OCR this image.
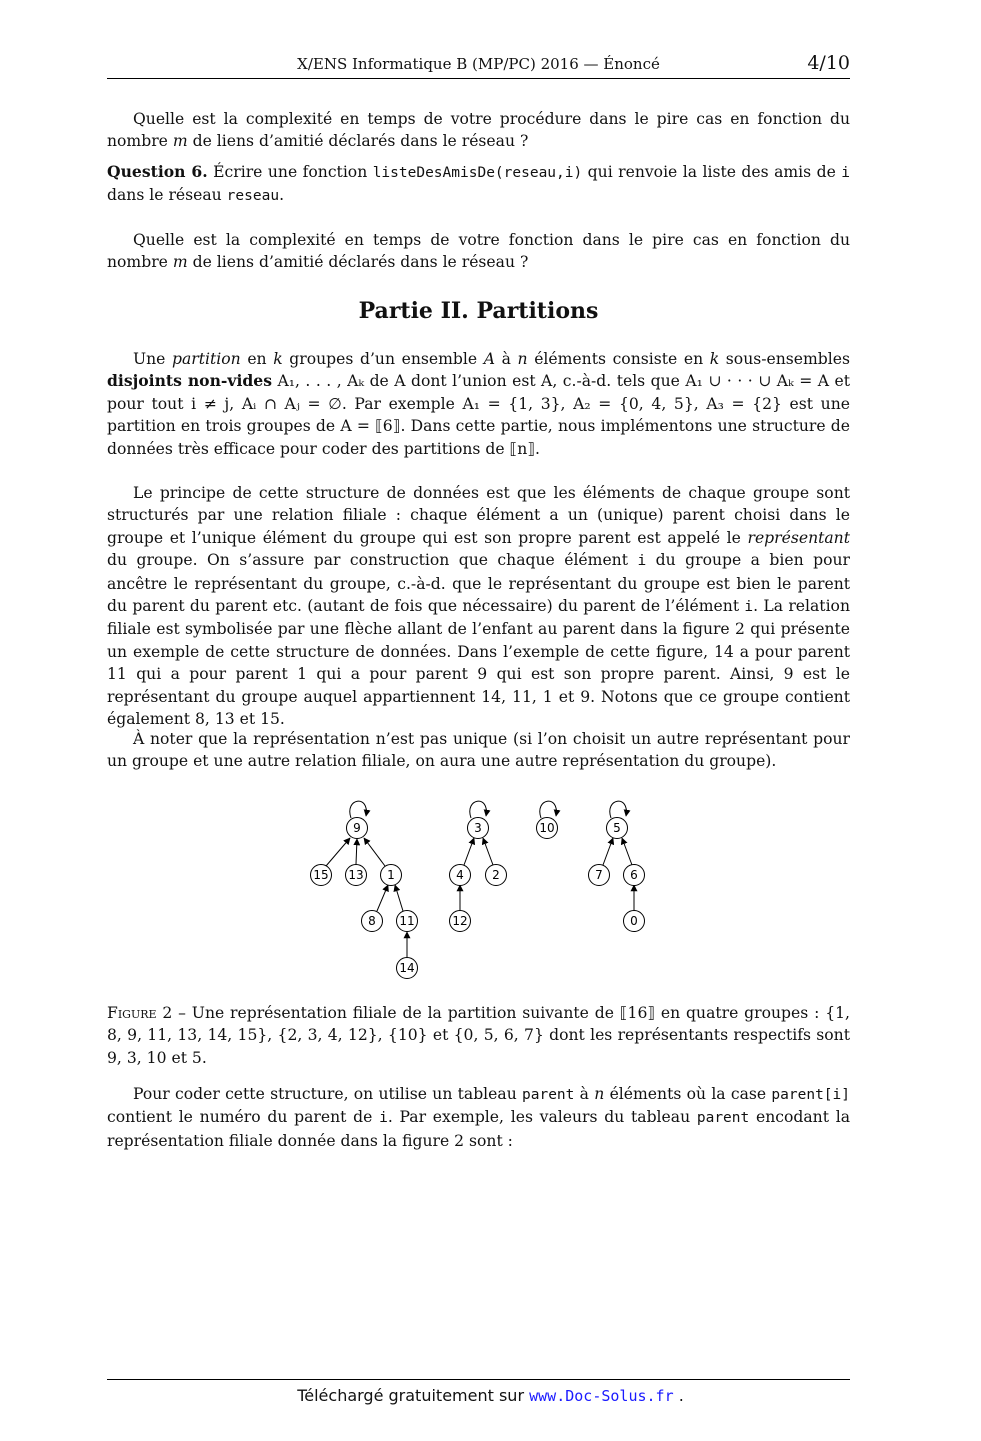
X/ENS Informatique B (MP/PC) 2016 — Énoncé	4/10
Quelle est la complexité en temps de votre procédure dans le pire cas en fonction du nombre m de liens d’amitié déclarés dans le réseau ?
Question 6. Écrire une fonction listeDesAmisDe(reseau,i) qui renvoie la liste des amis de i dans le réseau reseau.
Quelle est la complexité en temps de votre fonction dans le pire cas en fonction du nombre m de liens d’amitié déclarés dans le réseau ?
Partie II. Partitions
Une partition en k groupes d’un ensemble A à n éléments consiste en k sous-ensembles disjoints non-vides A₁, . . . , Aₖ de A dont l’union est A, c.-à-d. tels que A₁ ∪ · · · ∪ Aₖ = A et pour tout i ≠ j, Aᵢ ∩ Aⱼ = ∅. Par exemple A₁ = {1, 3}, A₂ = {0, 4, 5}, A₃ = {2} est une partition en trois groupes de A = ⟦6⟧. Dans cette partie, nous implémentons une structure de données très efficace pour coder des partitions de ⟦n⟧.
Le principe de cette structure de données est que les éléments de chaque groupe sont structurés par une relation filiale : chaque élément a un (unique) parent choisi dans le groupe et l’unique élément du groupe qui est son propre parent est appelé le représentant du groupe. On s’assure par construction que chaque élément i du groupe a bien pour ancêtre le représentant du groupe, c.-à-d. que le représentant du groupe est bien le parent du parent du parent etc. (autant de fois que nécessaire) du parent de l’élément i. La relation filiale est symbolisée par une flèche allant de l’enfant au parent dans la figure 2 qui présente un exemple de cette structure de données. Dans l’exemple de cette figure, 14 a pour parent 11 qui a pour parent 1 qui a pour parent 9 qui est son propre parent. Ainsi, 9 est le représentant du groupe auquel appartiennent 14, 11, 1 et 9. Notons que ce groupe contient également 8, 13 et 15.
À noter que la représentation n’est pas unique (si l’on choisit un autre représentant pour un groupe et une autre relation filiale, on aura une autre représentation du groupe).
9
15 13 1
8 11
14
3
4 2
12
10	5
7 6
0
Figure 2 – Une représentation filiale de la partition suivante de ⟦16⟧ en quatre groupes : {1, 8, 9, 11, 13, 14, 15}, {2, 3, 4, 12}, {10} et {0, 5, 6, 7} dont les représentants respectifs sont 9, 3, 10 et 5.
Pour coder cette structure, on utilise un tableau parent à n éléments où la case parent[i] contient le numéro du parent de i. Par exemple, les valeurs du tableau parent encodant la représentation filiale donnée dans la figure 2 sont :
Téléchargé gratuitement sur www.Doc-Solus.fr .
